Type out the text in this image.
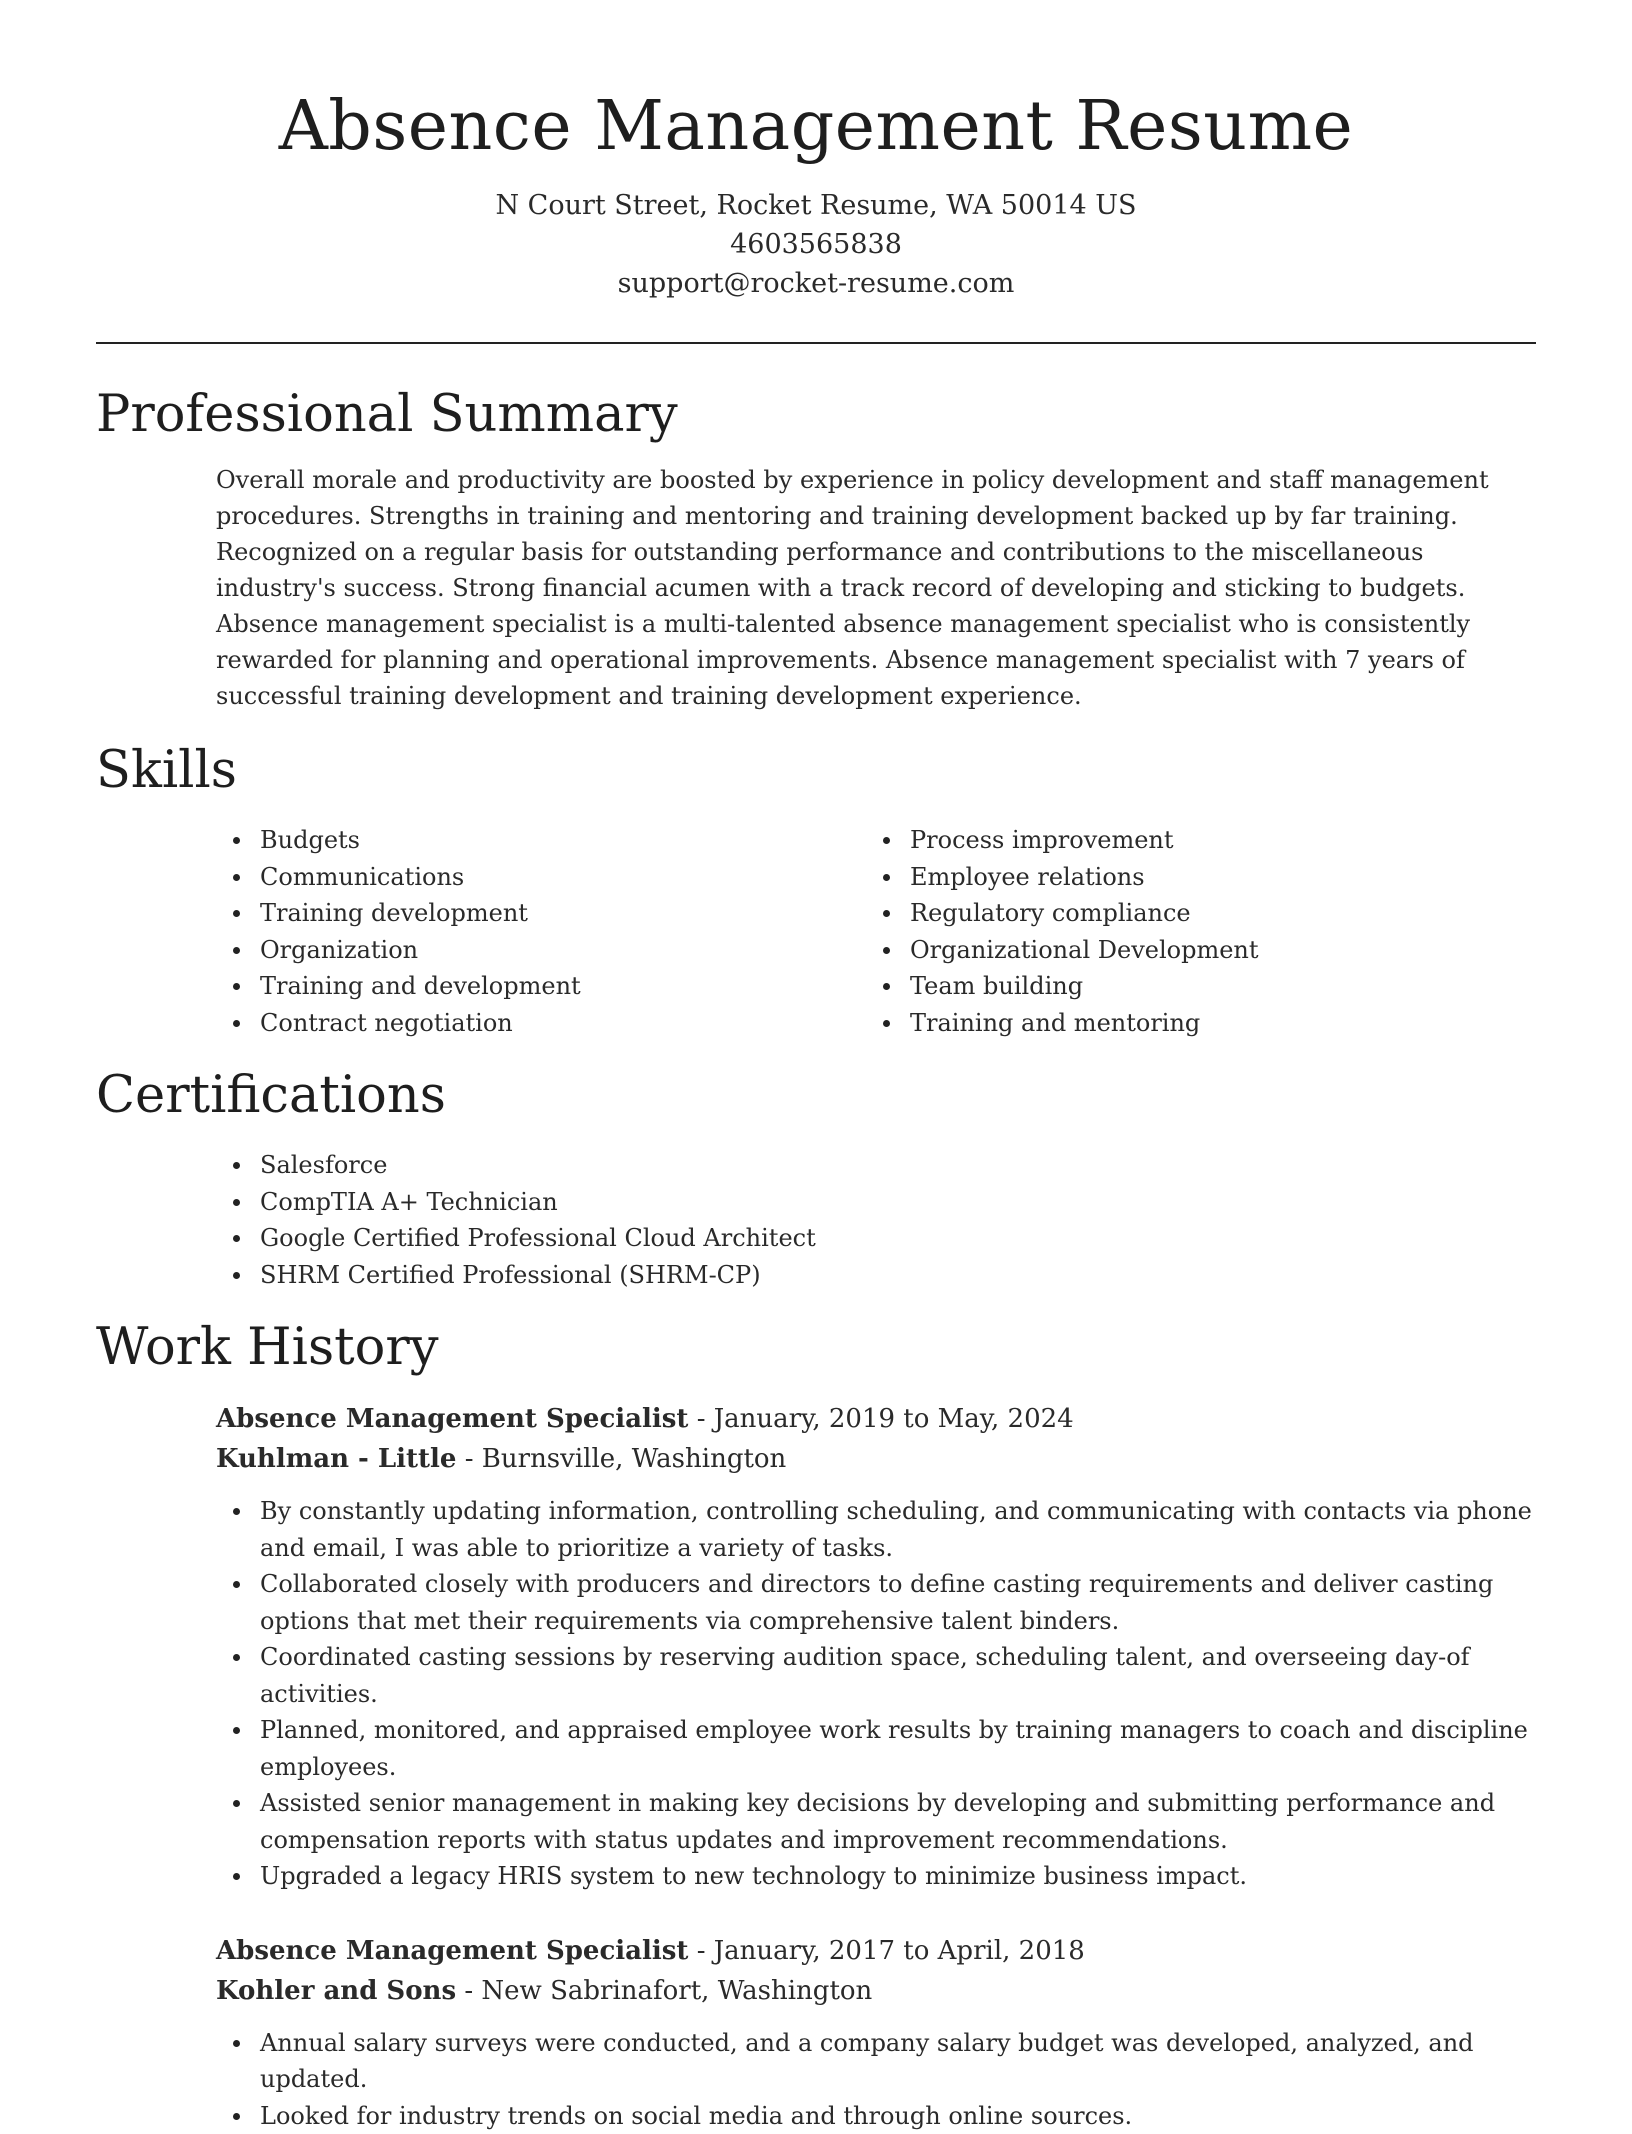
Absence Management Resume
N Court Street, Rocket Resume, WA 50014 US
4603565838
support@rocket-resume.com
Professional Summary

Overall morale and productivity are boosted by experience in policy development and staff management procedures. Strengths in training and mentoring and training development backed up by far training. Recognized on a regular basis for outstanding performance and contributions to the miscellaneous industry's success. Strong financial acumen with a track record of developing and sticking to budgets. Absence management specialist is a multi-talented absence management specialist who is consistently rewarded for planning and operational improvements. Absence management specialist with 7 years of successful training development and training development experience.

Skills
Budgets
Communications
Training development
Organization
Training and development
Contract negotiation
Process improvement
Employee relations
Regulatory compliance
Organizational Development
Team building
Training and mentoring
Certifications
Salesforce
CompTIA A+ Technician
Google Certified Professional Cloud Architect
SHRM Certified Professional (SHRM-CP)
Work History
Absence Management Specialist - January, 2019 to May, 2024
Kuhlman - Little - Burnsville, Washington
By constantly updating information, controlling scheduling, and communicating with contacts via phone and email, I was able to prioritize a variety of tasks.
Collaborated closely with producers and directors to define casting requirements and deliver casting options that met their requirements via comprehensive talent binders.
Coordinated casting sessions by reserving audition space, scheduling talent, and overseeing day-of activities.
Planned, monitored, and appraised employee work results by training managers to coach and discipline employees.
Assisted senior management in making key decisions by developing and submitting performance and compensation reports with status updates and improvement recommendations.
Upgraded a legacy HRIS system to new technology to minimize business impact.
Absence Management Specialist - January, 2017 to April, 2018
Kohler and Sons - New Sabrinafort, Washington
Annual salary surveys were conducted, and a company salary budget was developed, analyzed, and updated.
Looked for industry trends on social media and through online sources.
